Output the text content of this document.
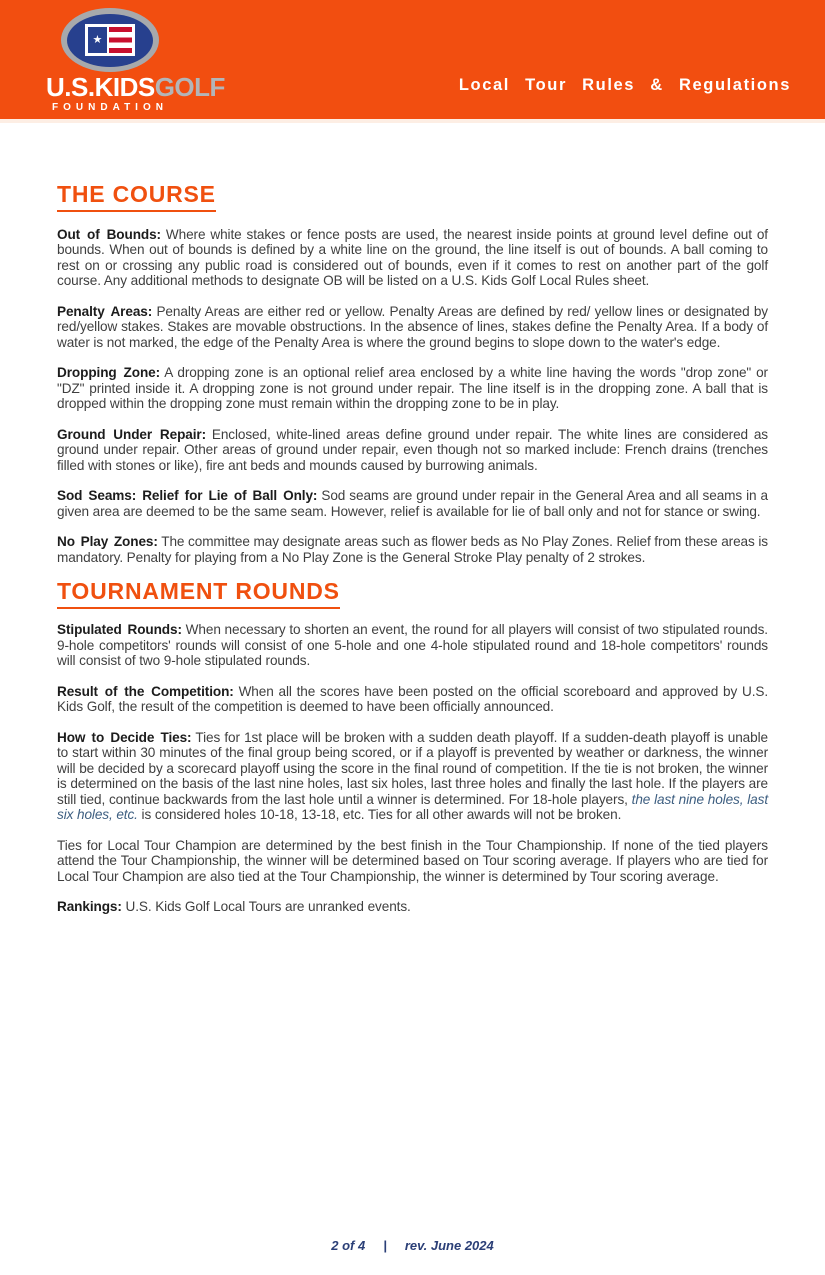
★
U.S.KIDSGOLF
FOUNDATION
Local Tour Rules & Regulations
THE COURSE

Out of Bounds: Where white stakes or fence posts are used, the nearest inside points at ground level define out of bounds. When out of bounds is defined by a white line on the ground, the line itself is out of bounds. A ball coming to rest on or crossing any public road is considered out of bounds, even if it comes to rest on another part of the golf course. Any additional methods to designate OB will be listed on a U.S. Kids Golf Local Rules sheet.

Penalty Areas: Penalty Areas are either red or yellow. Penalty Areas are defined by red/ yellow lines or designated by red/yellow stakes. Stakes are movable obstructions. In the absence of lines, stakes define the Penalty Area. If a body of water is not marked, the edge of the Penalty Area is where the ground begins to slope down to the water's edge.

Dropping Zone: A dropping zone is an optional relief area enclosed by a white line having the words "drop zone" or "DZ" printed inside it. A dropping zone is not ground under repair. The line itself is in the dropping zone. A ball that is dropped within the dropping zone must remain within the dropping zone to be in play.

Ground Under Repair: Enclosed, white-lined areas define ground under repair. The white lines are considered as ground under repair. Other areas of ground under repair, even though not so marked include: French drains (trenches filled with stones or like), fire ant beds and mounds caused by burrowing animals.

Sod Seams: Relief for Lie of Ball Only: Sod seams are ground under repair in the General Area and all seams in a given area are deemed to be the same seam. However, relief is available for lie of ball only and not for stance or swing.

No Play Zones: The committee may designate areas such as flower beds as No Play Zones. Relief from these areas is mandatory. Penalty for playing from a No Play Zone is the General Stroke Play penalty of 2 strokes.

TOURNAMENT ROUNDS

Stipulated Rounds: When necessary to shorten an event, the round for all players will consist of two stipulated rounds. 9-hole competitors' rounds will consist of one 5-hole and one 4-hole stipulated round and 18-hole competitors' rounds will consist of two 9-hole stipulated rounds.

Result of the Competition: When all the scores have been posted on the official scoreboard and approved by U.S. Kids Golf, the result of the competition is deemed to have been officially announced.

How to Decide Ties: Ties for 1st place will be broken with a sudden death playoff. If a sudden-death playoff is unable to start within 30 minutes of the final group being scored, or if a playoff is prevented by weather or darkness, the winner will be decided by a scorecard playoff using the score in the final round of competition. If the tie is not broken, the winner is determined on the basis of the last nine holes, last six holes, last three holes and finally the last hole. If the players are still tied, continue backwards from the last hole until a winner is determined. For 18-hole players, the last nine holes, last six holes, etc. is considered holes 10-18, 13-18, etc. Ties for all other awards will not be broken.

Ties for Local Tour Champion are determined by the best finish in the Tour Championship. If none of the tied players attend the Tour Championship, the winner will be determined based on Tour scoring average. If players who are tied for Local Tour Champion are also tied at the Tour Championship, the winner is determined by Tour scoring average.

Rankings: U.S. Kids Golf Local Tours are unranked events.

2 of 4 | rev. June 2024
